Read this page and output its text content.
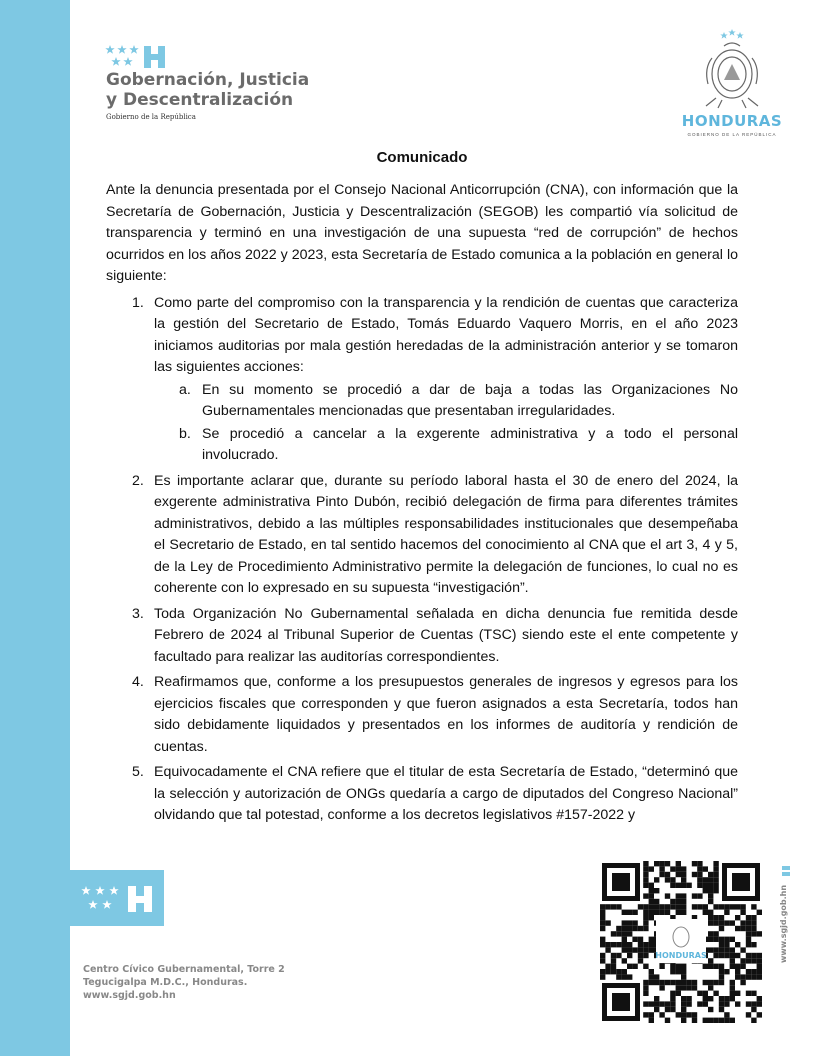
Gobernación, Justicia
y Descentralización
Gobierno de la República	HONDURAS
GOBIERNO DE LA REPÚBLICA
Comunicado

Ante la denuncia presentada por el Consejo Nacional Anticorrupción (CNA), con información que la Secretaría de Gobernación, Justicia y Descentralización (SEGOB) les compartió vía solicitud de transparencia y terminó en una investigación de una supuesta “red de corrupción” de hechos ocurridos en los años 2022 y 2023, esta Secretaría de Estado comunica a la población en general lo siguiente:

1. Como parte del compromiso con la transparencia y la rendición de cuentas que caracteriza la gestión del Secretario de Estado, Tomás Eduardo Vaquero Morris, en el año 2023 iniciamos auditorias por mala gestión heredadas de la administración anterior y se tomaron las siguientes acciones:
a. En su momento se procedió a dar de baja a todas las Organizaciones No Gubernamentales mencionadas que presentaban irregularidades.
b. Se procedió a cancelar a la exgerente administrativa y a todo el personal involucrado.
2. Es importante aclarar que, durante su período laboral hasta el 30 de enero del 2024, la exgerente administrativa Pinto Dubón, recibió delegación de firma para diferentes trámites administrativos, debido a las múltiples responsabilidades institucionales que desempeñaba el Secretario de Estado, en tal sentido hacemos del conocimiento al CNA que el art 3, 4 y 5, de la Ley de Procedimiento Administrativo permite la delegación de funciones, lo cual no es coherente con lo expresado en su supuesta “investigación”.
3. Toda Organización No Gubernamental señalada en dicha denuncia fue remitida desde Febrero de 2024 al Tribunal Superior de Cuentas (TSC) siendo este el ente competente y facultado para realizar las auditorías correspondientes.
4. Reafirmamos que, conforme a los presupuestos generales de ingresos y egresos para los ejercicios fiscales que corresponden y que fueron asignados a esta Secretaría, todos han sido debidamente liquidados y presentados en los informes de auditoría y rendición de cuentas.
5. Equivocadamente el CNA refiere que el titular de esta Secretaría de Estado, “determinó que la selección y autorización de ONGs quedaría a cargo de diputados del Congreso Nacional” olvidando que tal potestad, conforme a los decretos legislativos #157-2022 y
Centro Cívico Gubernamental, Torre 2
Tegucigalpa M.D.C., Honduras.
www.sgjd.gob.hn
HONDURAS	www.sgjd.gob.hn
